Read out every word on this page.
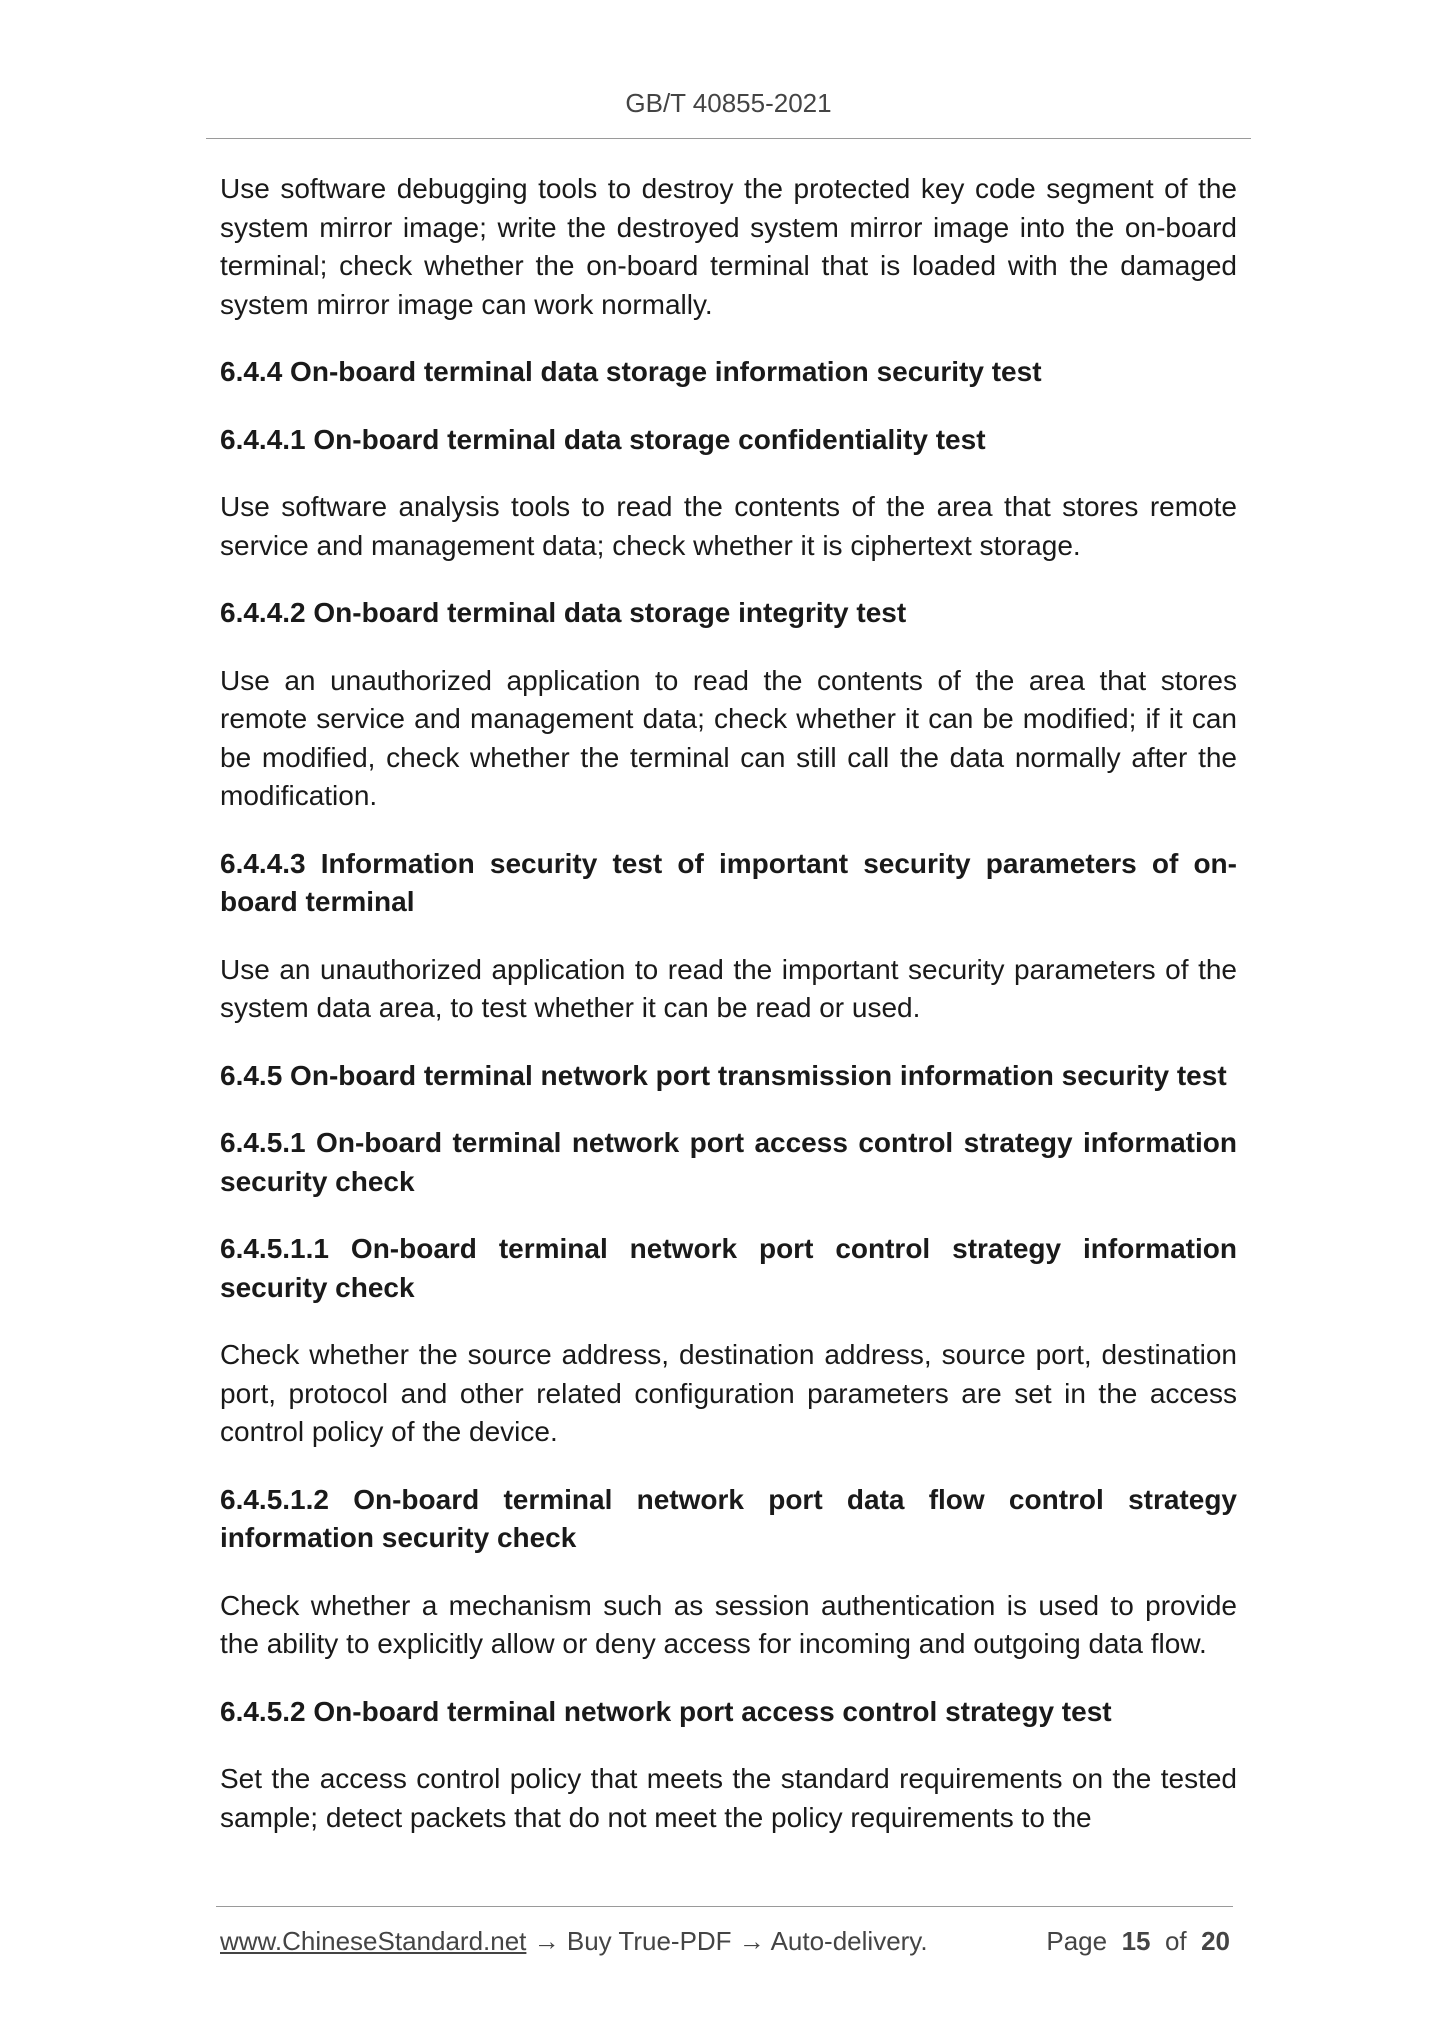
GB/T 40855-2021

Use software debugging tools to destroy the protected key code segment of the system mirror image; write the destroyed system mirror image into the on-board terminal; check whether the on-board terminal that is loaded with the damaged system mirror image can work normally.

6.4.4 On-board terminal data storage information security test

6.4.4.1 On-board terminal data storage confidentiality test

Use software analysis tools to read the contents of the area that stores remote service and management data; check whether it is ciphertext storage.

6.4.4.2 On-board terminal data storage integrity test

Use an unauthorized application to read the contents of the area that stores remote service and management data; check whether it can be modified; if it can be modified, check whether the terminal can still call the data normally after the modification.

6.4.4.3 Information security test of important security parameters of on-board terminal

Use an unauthorized application to read the important security parameters of the system data area, to test whether it can be read or used.

6.4.5 On-board terminal network port transmission information security test

6.4.5.1 On-board terminal network port access control strategy information security check

6.4.5.1.1 On-board terminal network port control strategy information security check

Check whether the source address, destination address, source port, destination port, protocol and other related configuration parameters are set in the access control policy of the device.

6.4.5.1.2 On-board terminal network port data flow control strategy information security check

Check whether a mechanism such as session authentication is used to provide the ability to explicitly allow or deny access for incoming and outgoing data flow.

6.4.5.2 On-board terminal network port access control strategy test

Set the access control policy that meets the standard requirements on the tested sample; detect packets that do not meet the policy requirements to the

www.ChineseStandard.net → Buy True-PDF → Auto-delivery.	Page 15 of 20
